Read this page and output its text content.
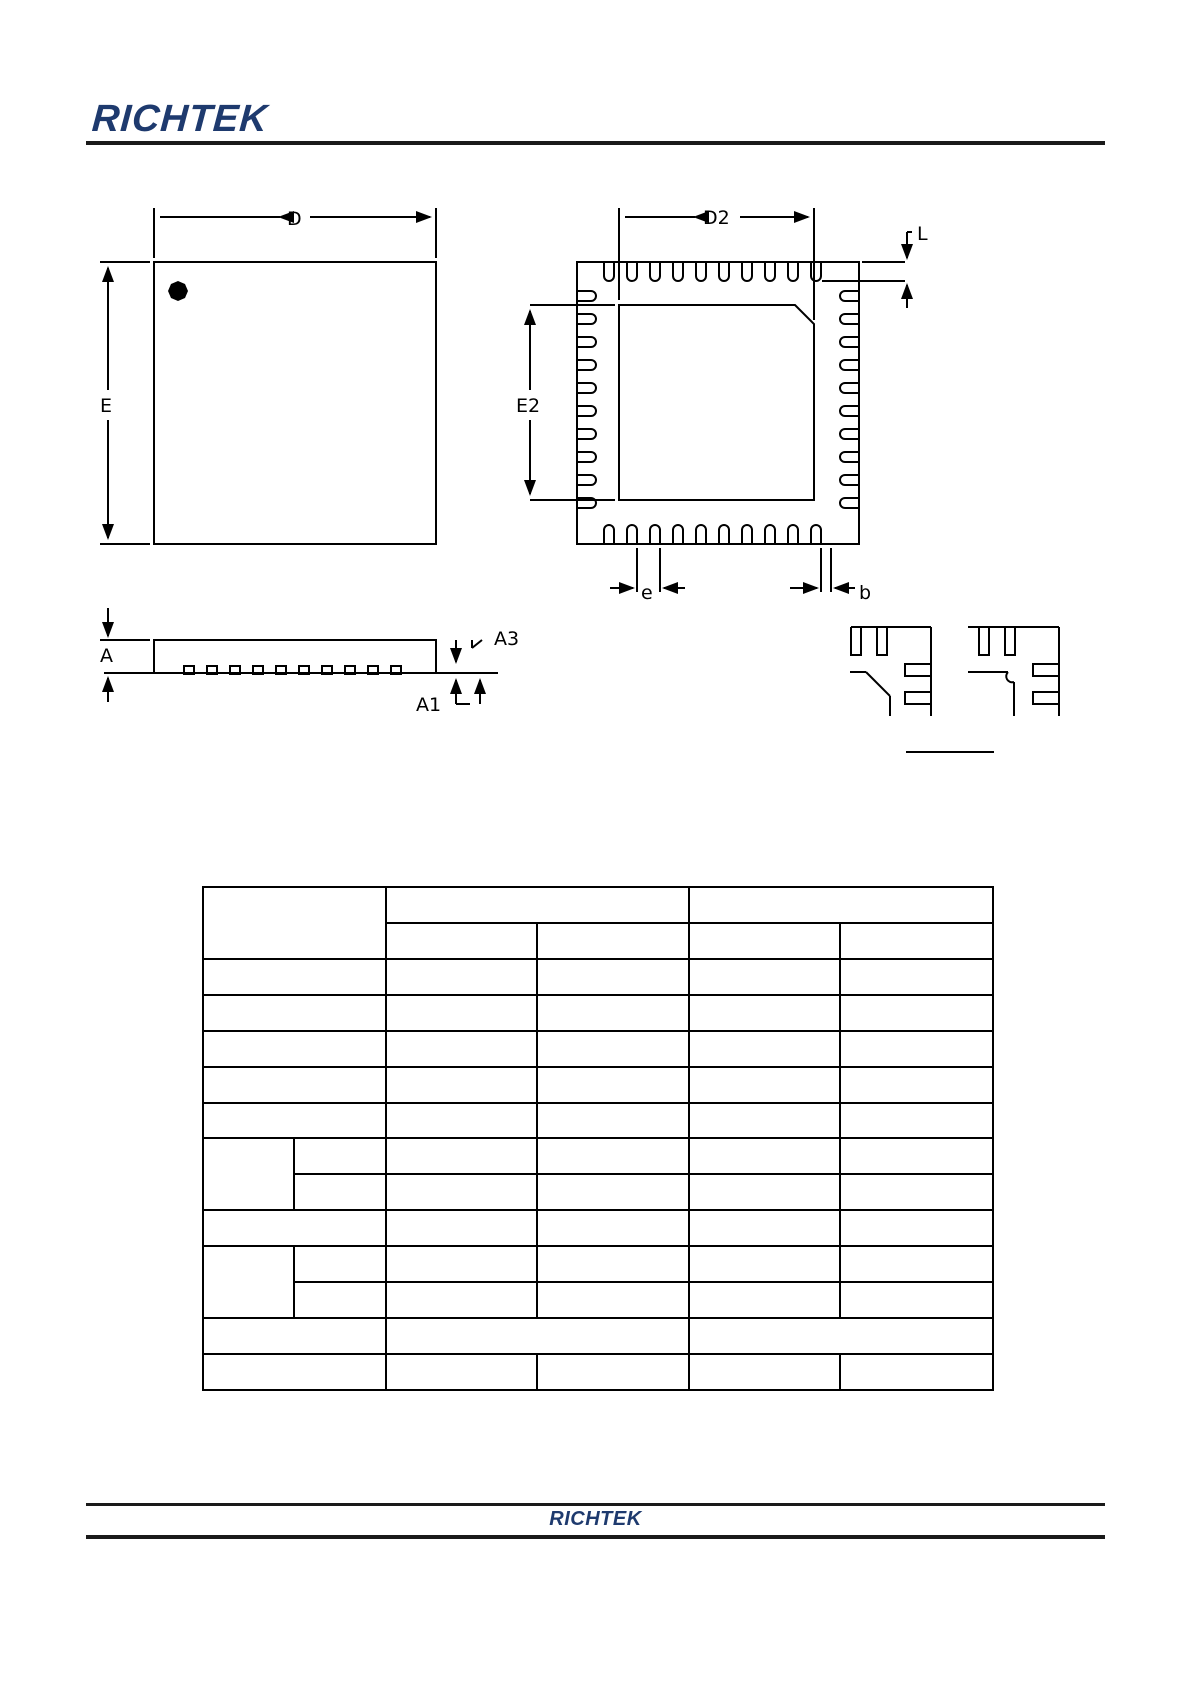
RICHTEK
D
E
A
A3
A1
D2
E2
L
e	b

RICHTEK
